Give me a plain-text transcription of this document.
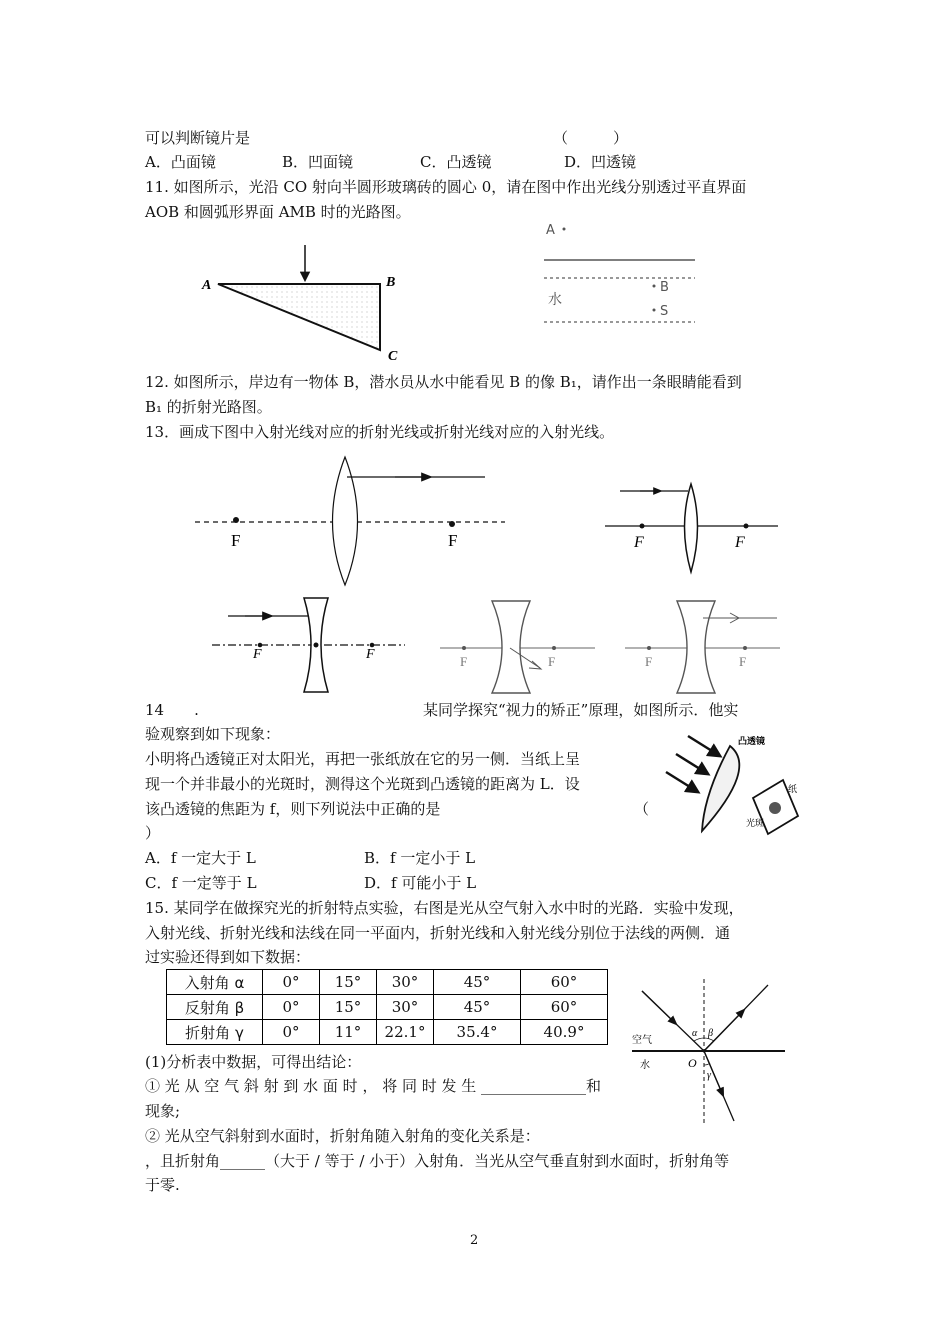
可以判断镜片是	（　　　）
A．凸面镜	B．凹面镜	C．凸透镜	D．凹透镜
11. 如图所示，光沿 CO 射向半圆形玻璃砖的圆心 0，请在图中作出光线分别透过平直界面
AOB 和圆弧形界面 AMB 时的光路图。
A	B
C
A
水
B
S
12. 如图所示，岸边有一物体 B，潜水员从水中能看见 B 的像 B₁，请作出一条眼睛能看到
B₁ 的折射光路图。
13．画成下图中入射光线对应的折射光线或折射光线对应的入射光线。
F	F	F	F
F	F	F	F	F	F
14　　.	某同学探究“视力的矫正”原理，如图所示．他实
验观察到如下现象：
小明将凸透镜正对太阳光，再把一张纸放在它的另一侧．当纸上呈
现一个并非最小的光斑时，测得这个光斑到凸透镜的距离为 L．设
该凸透镜的焦距为 f，则下列说法中正确的是	（
）
凸透镜
纸
光斑
A．f 一定大于 L	B．f 一定小于 L
C．f 一定等于 L	D．f 可能小于 L
15. 某同学在做探究光的折射特点实验，右图是光从空气射入水中时的光路．实验中发现，
入射光线、折射光线和法线在同一平面内，折射光线和入射光线分别位于法线的两侧．通
过实验还得到如下数据：
入射角 α	0°	15°	30°	45°	60°
反射角 β	0°	15°	30°	45°	60°
折射角 γ	0°	11°	22.1°	35.4°	40.9°	空气
水	O
α β
γ
(1)分析表中数据，可得出结论：
① 光 从 空 气 斜 射 到 水 面 时 ， 将 同 时 发 生 ______________和
现象;
② 光从空气斜射到水面时，折射角随入射角的变化关系是：
，且折射角______（大于 / 等于 / 小于）入射角．当光从空气垂直射到水面时，折射角等
于零.
2
